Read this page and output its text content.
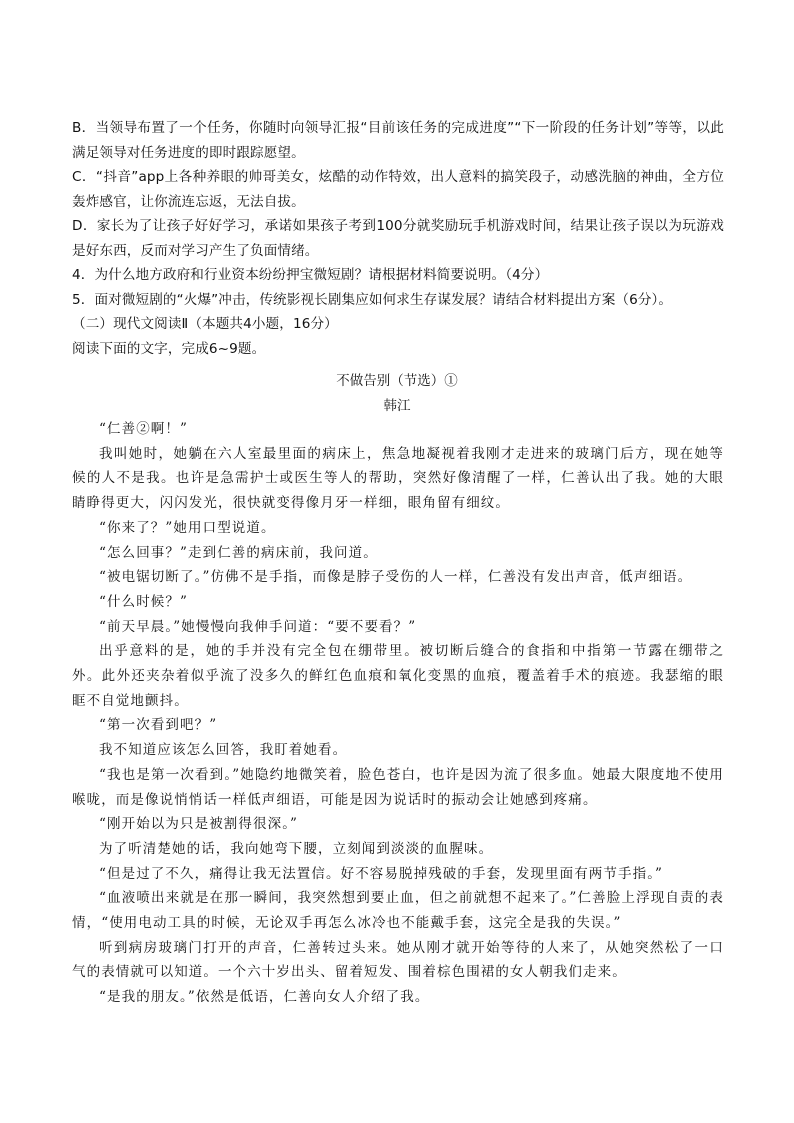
B．当领导布置了一个任务，你随时向领导汇报“目前该任务的完成进度”“下一阶段的任务计划”等等，以此满足领导对任务进度的即时跟踪愿望。

C．“抖音”app上各种养眼的帅哥美女，炫酷的动作特效，出人意料的搞笑段子，动感洗脑的神曲，全方位轰炸感官，让你流连忘返，无法自拔。

D．家长为了让孩子好好学习，承诺如果孩子考到100分就奖励玩手机游戏时间，结果让孩子误以为玩游戏是好东西，反而对学习产生了负面情绪。

4．为什么地方政府和行业资本纷纷押宝微短剧？请根据材料简要说明。（4分）

5．面对微短剧的“火爆”冲击，传统影视长剧集应如何求生存谋发展？请结合材料提出方案（6分）。

（二）现代文阅读Ⅱ（本题共4小题，16分）

阅读下面的文字，完成6~9题。

不做告别（节选）①
韩江

“仁善②啊！”

我叫她时，她躺在六人室最里面的病床上，焦急地凝视着我刚才走进来的玻璃门后方，现在她等候的人不是我。也许是急需护士或医生等人的帮助，突然好像清醒了一样，仁善认出了我。她的大眼睛睁得更大，闪闪发光，很快就变得像月牙一样细，眼角留有细纹。

“你来了？”她用口型说道。

“怎么回事？”走到仁善的病床前，我问道。

“被电锯切断了。”仿佛不是手指，而像是脖子受伤的人一样，仁善没有发出声音，低声细语。

“什么时候？”

“前天早晨。”她慢慢向我伸手问道：“要不要看？”

出乎意料的是，她的手并没有完全包在绷带里。被切断后缝合的食指和中指第一节露在绷带之外。此外还夹杂着似乎流了没多久的鲜红色血痕和氧化变黑的血痕，覆盖着手术的痕迹。我瑟缩的眼眶不自觉地颤抖。

“第一次看到吧？”

我不知道应该怎么回答，我盯着她看。

“我也是第一次看到。”她隐约地微笑着，脸色苍白，也许是因为流了很多血。她最大限度地不使用喉咙，而是像说悄悄话一样低声细语，可能是因为说话时的振动会让她感到疼痛。

“刚开始以为只是被割得很深。”

为了听清楚她的话，我向她弯下腰，立刻闻到淡淡的血腥味。

“但是过了不久，痛得让我无法置信。好不容易脱掉残破的手套，发现里面有两节手指。”

“血液喷出来就是在那一瞬间，我突然想到要止血，但之前就想不起来了。”仁善脸上浮现自责的表情，“使用电动工具的时候，无论双手再怎么冰冷也不能戴手套，这完全是我的失误。”

听到病房玻璃门打开的声音，仁善转过头来。她从刚才就开始等待的人来了，从她突然松了一口气的表情就可以知道。一个六十岁出头、留着短发、围着棕色围裙的女人朝我们走来。

“是我的朋友。”依然是低语，仁善向女人介绍了我。
